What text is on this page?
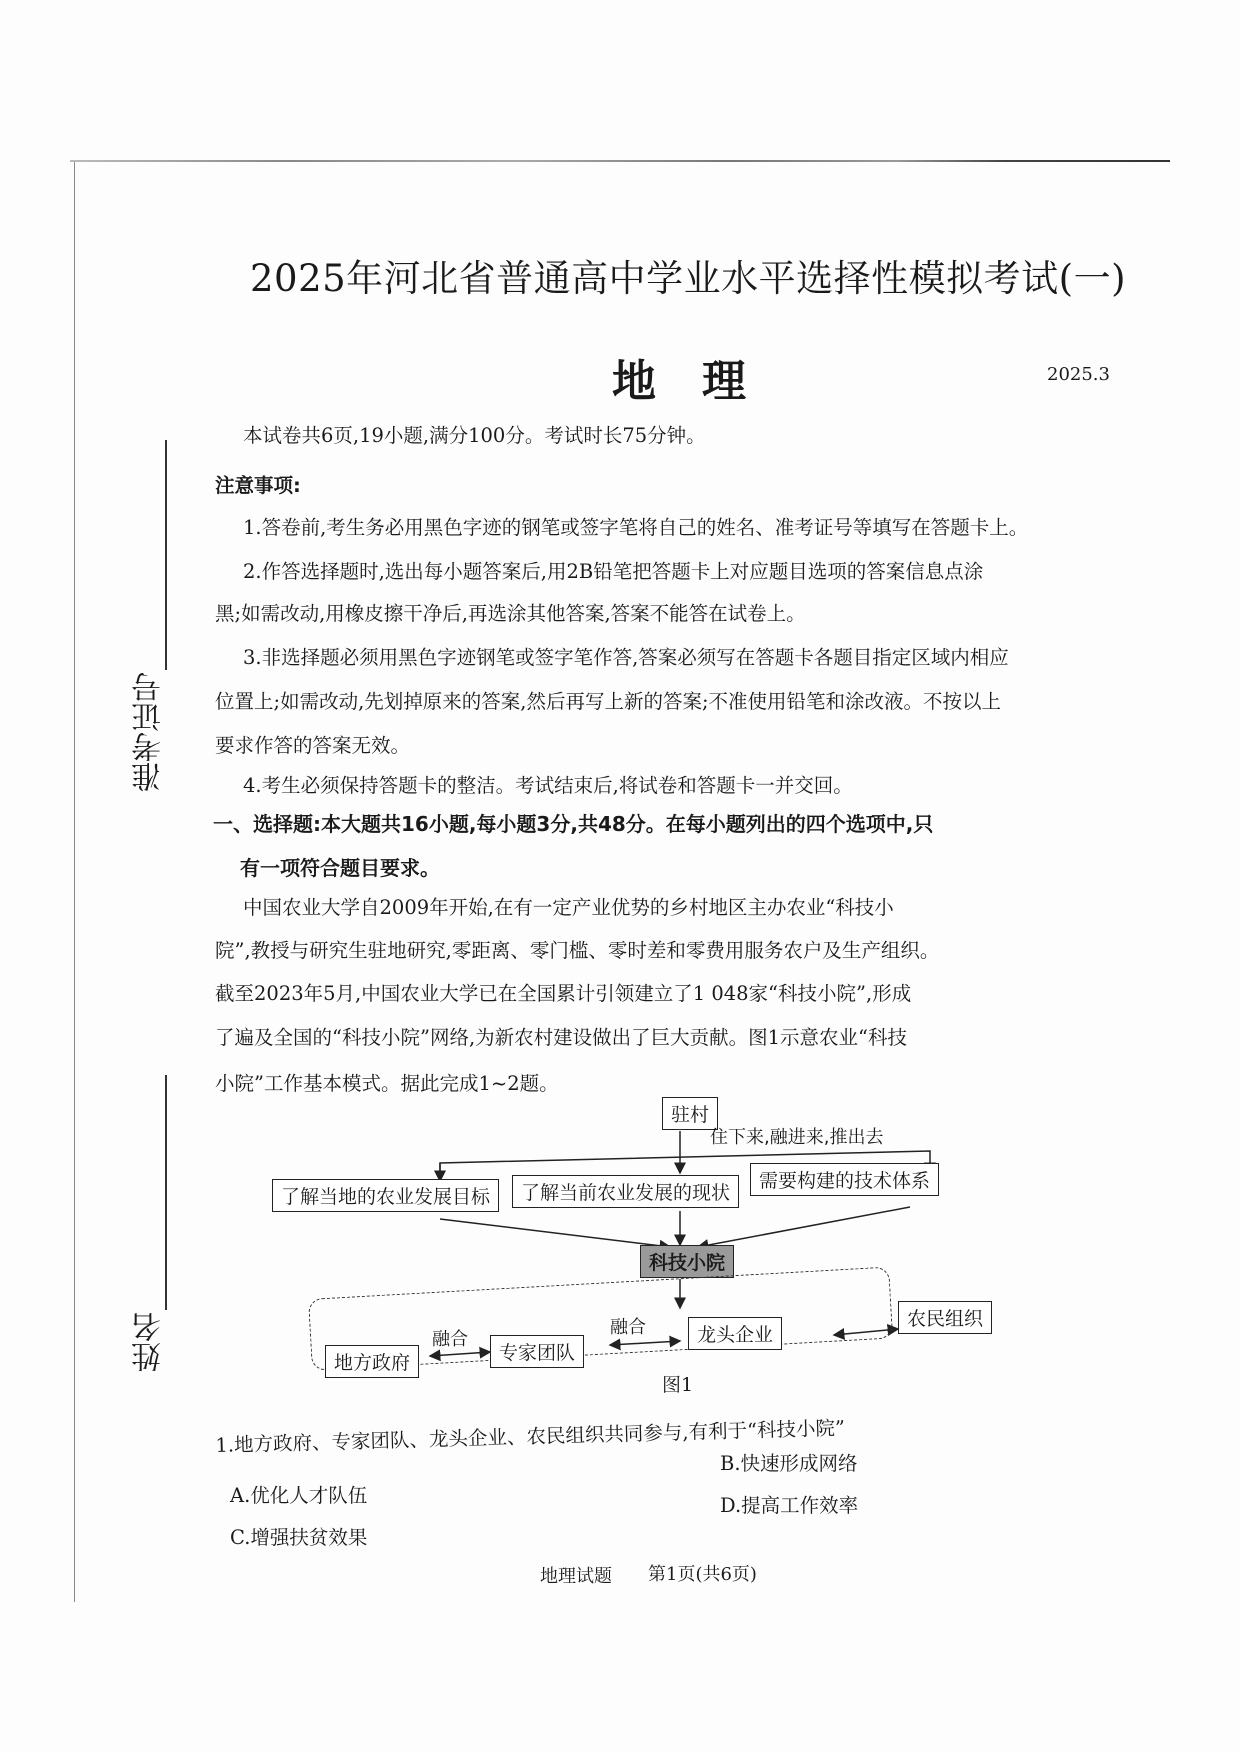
2025年河北省普通高中学业水平选择性模拟考试(一)
地理	2025.3
准考证号
姓名
本试卷共6页,19小题,满分100分。考试时长75分钟。
注意事项:
1.答卷前,考生务必用黑色字迹的钢笔或签字笔将自己的姓名、准考证号等填写在答题卡上。
2.作答选择题时,选出每小题答案后,用2B铅笔把答题卡上对应题目选项的答案信息点涂
黑;如需改动,用橡皮擦干净后,再选涂其他答案,答案不能答在试卷上。
3.非选择题必须用黑色字迹钢笔或签字笔作答,答案必须写在答题卡各题目指定区域内相应
位置上;如需改动,先划掉原来的答案,然后再写上新的答案;不准使用铅笔和涂改液。不按以上
要求作答的答案无效。
4.考生必须保持答题卡的整洁。考试结束后,将试卷和答题卡一并交回。
一、选择题:本大题共16小题,每小题3分,共48分。在每小题列出的四个选项中,只
有一项符合题目要求。
中国农业大学自2009年开始,在有一定产业优势的乡村地区主办农业“科技小
院”,教授与研究生驻地研究,零距离、零门槛、零时差和零费用服务农户及生产组织。
截至2023年5月,中国农业大学已在全国累计引领建立了1 048家“科技小院”,形成
了遍及全国的“科技小院”网络,为新农村建设做出了巨大贡献。图1示意农业“科技
小院”工作基本模式。据此完成1~2题。
驻村
住下来,融进来,推出去
了解当地的农业发展目标	了解当前农业发展的现状
需要构建的技术体系
科技小院
地方政府
融合
专家团队
融合	龙头企业
农民组织
图1
1.地方政府、专家团队、龙头企业、农民组织共同参与,有利于“科技小院”
A.优化人才队伍
B.快速形成网络
C.增强扶贫效果
D.提高工作效率
地理试题 第1页(共6页)
